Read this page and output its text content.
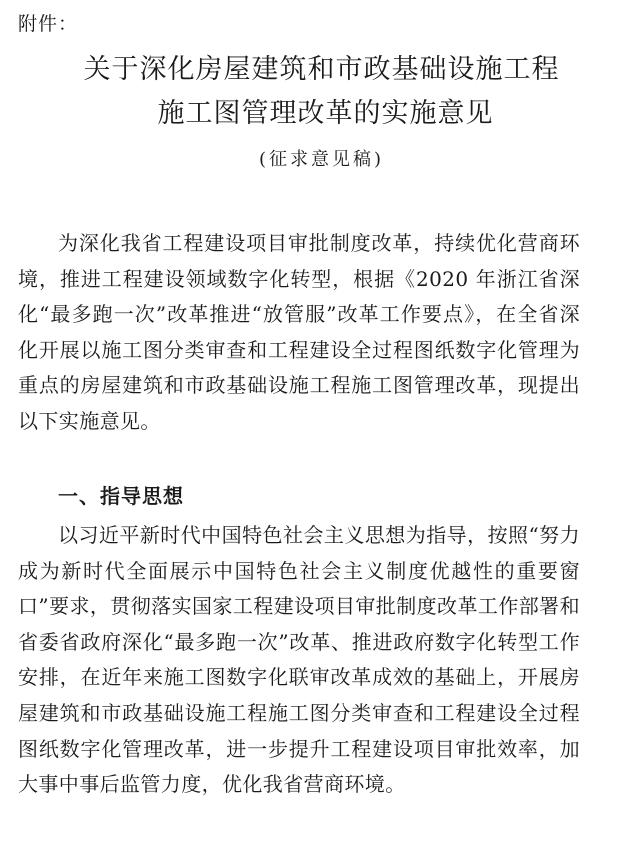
附件：
关于深化房屋建筑和市政基础设施工程
施工图管理改革的实施意见
(征求意见稿)
为深化我省工程建设项目审批制度改革，持续优化营商环境，推进工程建设领域数字化转型，根据《2020 年浙江省深化“最多跑一次”改革推进“放管服”改革工作要点》，在全省深化开展以施工图分类审查和工程建设全过程图纸数字化管理为重点的房屋建筑和市政基础设施工程施工图管理改革，现提出以下实施意见。
一、指导思想
以习近平新时代中国特色社会主义思想为指导，按照“努力成为新时代全面展示中国特色社会主义制度优越性的重要窗口”要求，贯彻落实国家工程建设项目审批制度改革工作部署和省委省政府深化“最多跑一次”改革、推进政府数字化转型工作安排，在近年来施工图数字化联审改革成效的基础上，开展房屋建筑和市政基础设施工程施工图分类审查和工程建设全过程图纸数字化管理改革，进一步提升工程建设项目审批效率，加大事中事后监管力度，优化我省营商环境。
